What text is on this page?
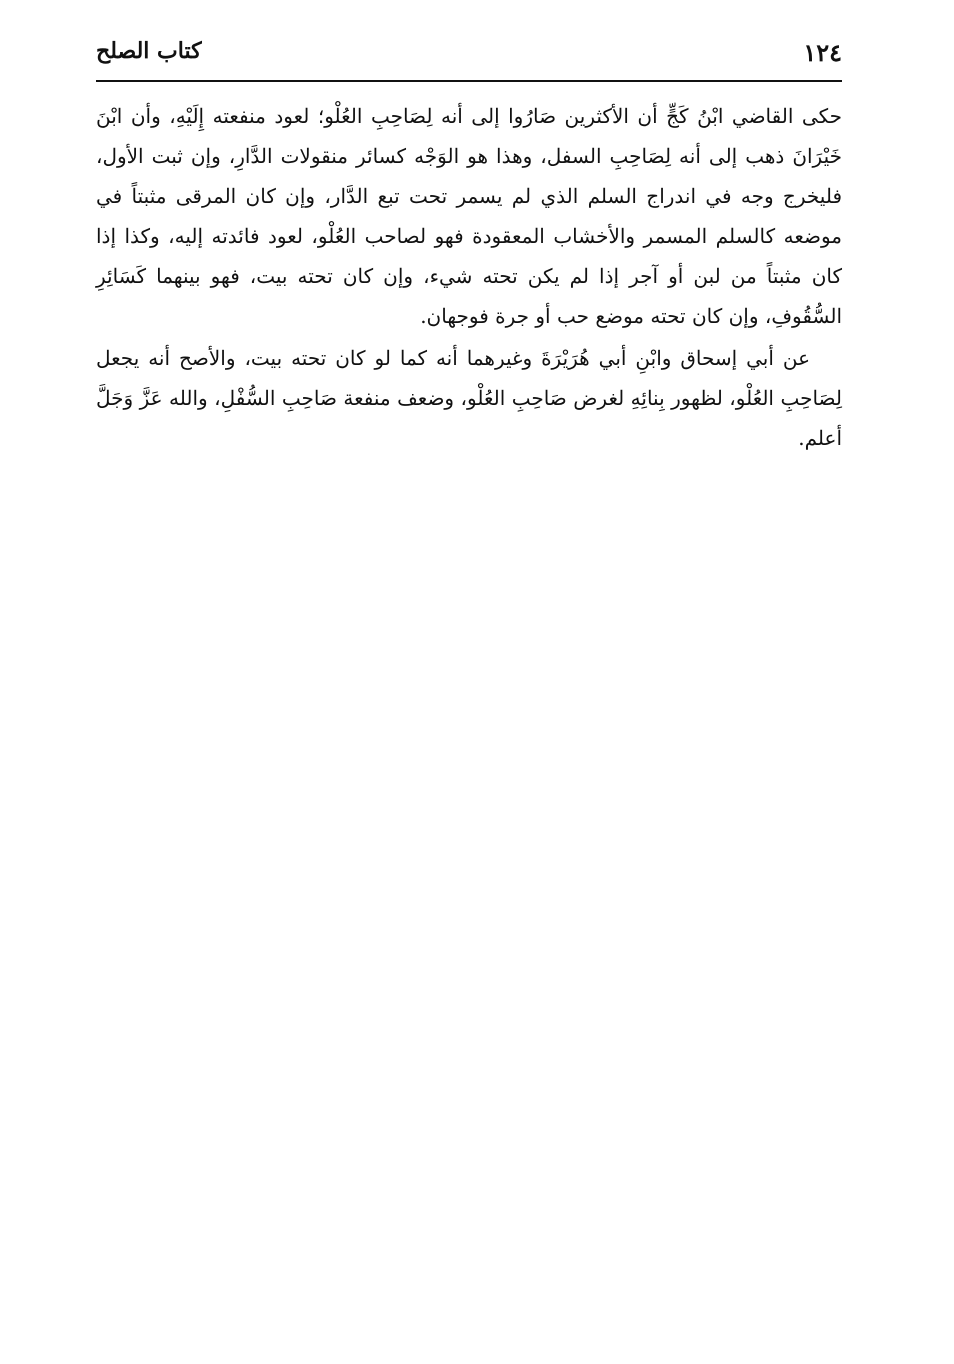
١٢٤
كتاب الصلح

حكى القاضي ابْنُ كَجٍّ أن الأكثرين صَارُوا إلى أنه لِصَاحِبِ العُلْو؛ لعود منفعته إِلَيْهِ، وأن ابْنَ خَيْرَانَ ذهب إلى أنه لِصَاحِبِ السفل، وهذا هو الوَجْه كسائر منقولات الدَّارِ، وإن ثبت الأول، فليخرج وجه في اندراج السلم الذي لم يسمر تحت تبع الدَّار، وإن كان المرقى مثبتاً في موضعه كالسلم المسمر والأخشاب المعقودة فهو لصاحب العُلْو، لعود فائدته إليه، وكذا إذا كان مثبتاً من لبن أو آجر إذا لم يكن تحته شيء، وإن كان تحته بيت، فهو بينهما كَسَائِرِ السُّقُوفِ، وإن كان تحته موضع حب أو جرة فوجهان.

عن أبي إسحاق وابْنِ أبي هُرَيْرَةَ وغيرهما أنه كما لو كان تحته بيت، والأصح أنه يجعل لِصَاحِبِ العُلْو، لظهور بِنائِهِ لغرض صَاحِبِ العُلْو، وضعف منفعة صَاحِبِ السُّفْلِ، والله عَزَّ وَجَلَّ أعلم.
